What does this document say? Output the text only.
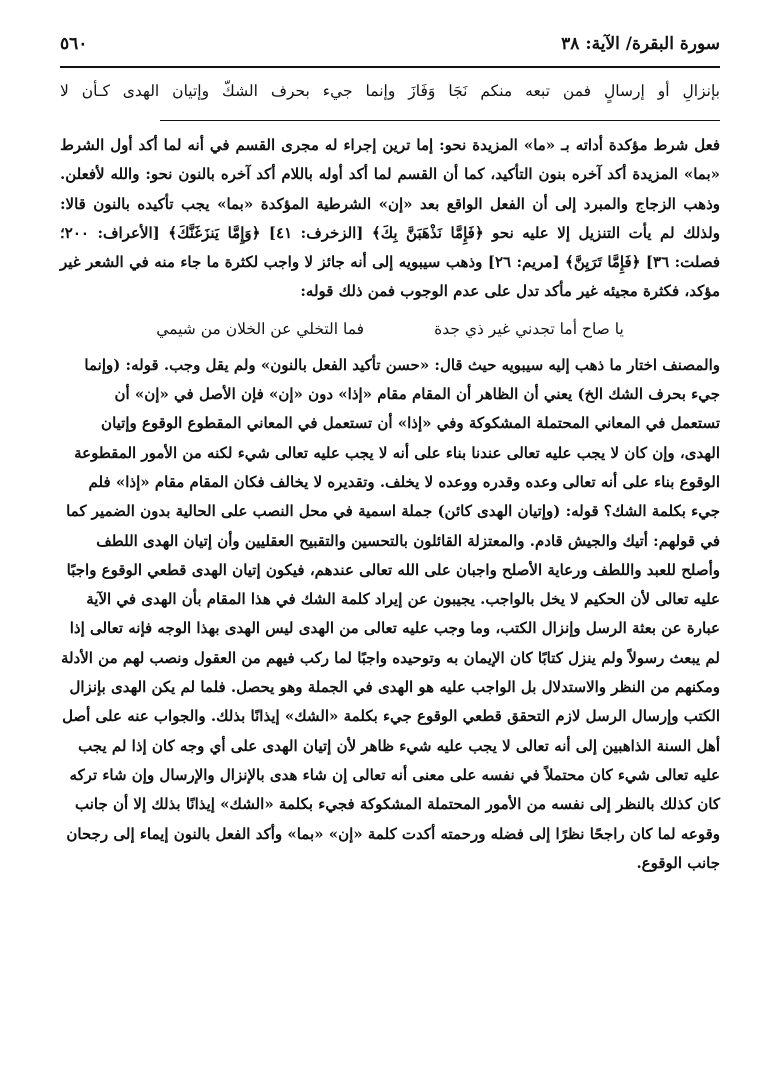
سورة البقرة/ الآية: ٣٨
٥٦٠
بإنزالِ أو إرسالٍ فمن تبعه منكم نَجَا وَفَازَ وإنما جيء بحرف الشكّ وإتيان الهدى كـأن لا

فعل شرط مؤكدة أداته بـ «ما» المزيدة نحو: إما ترين إجراء له مجرى القسم في أنه لما أكد أول الشرط «بما» المزيدة أكد آخره بنون التأكيد، كما أن القسم لما أكد أوله باللام أكد آخره بالنون نحو: والله لأفعلن. وذهب الزجاج والمبرد إلى أن الفعل الواقع بعد «إن» الشرطية المؤكدة «بما» يجب تأكيده بالنون قالا: ولذلك لم يأت التنزيل إلا عليه نحو ﴿فَإِمَّا نَذْهَبَنَّ بِكَ﴾ [الزخرف: ٤١] ﴿وَإِمَّا يَنزَغَنَّكَ﴾ [الأعراف: ٢٠٠؛ فصلت: ٣٦] ﴿فَإِمَّا تَرَيِنَّ﴾ [مريم: ٢٦] وذهب سيبويه إلى أنه جائز لا واجب لكثرة ما جاء منه في الشعر غير مؤكد، فكثرة مجيئه غير مأكد تدل على عدم الوجوب فمن ذلك قوله:

يا صاح أما تجدني غير ذي جدة
فما التخلي عن الخلان من شيمي

والمصنف اختار ما ذهب إليه سيبويه حيث قال: «حسن تأكيد الفعل بالنون» ولم يقل وجب. قوله: (وإنما جيء بحرف الشك الخ) يعني أن الظاهر أن المقام مقام «إذا» دون «إن» فإن الأصل في «إن» أن تستعمل في المعاني المحتملة المشكوكة وفي «إذا» أن تستعمل في المعاني المقطوع الوقوع وإتيان الهدى، وإن كان لا يجب عليه تعالى عندنا بناء على أنه لا يجب عليه تعالى شيء لكنه من الأمور المقطوعة الوقوع بناء على أنه تعالى وعده وقدره ووعده لا يخلف. وتقديره لا يخالف فكان المقام مقام «إذا» فلم جيء بكلمة الشك؟ قوله: (وإتيان الهدى كائن) جملة اسمية في محل النصب على الحالية بدون الضمير كما في قولهم: أتيك والجيش قادم. والمعتزلة القائلون بالتحسين والتقبيح العقليين وأن إتيان الهدى اللطف وأصلح للعبد واللطف ورعاية الأصلح واجبان على الله تعالى عندهم، فيكون إتيان الهدى قطعي الوقوع واجبًا عليه تعالى لأن الحكيم لا يخل بالواجب. يجيبون عن إيراد كلمة الشك في هذا المقام بأن الهدى في الآية عبارة عن بعثة الرسل وإنزال الكتب، وما وجب عليه تعالى من الهدى ليس الهدى بهذا الوجه فإنه تعالى إذا لم يبعث رسولاً ولم ينزل كتابًا كان الإيمان به وتوحيده واجبًا لما ركب فيهم من العقول ونصب لهم من الأدلة ومكنهم من النظر والاستدلال بل الواجب عليه هو الهدى في الجملة وهو يحصل. فلما لم يكن الهدى بإنزال الكتب وإرسال الرسل لازم التحقق قطعي الوقوع جيء بكلمة «الشك» إيذانًا بذلك. والجواب عنه على أصل أهل السنة الذاهبين إلى أنه تعالى لا يجب عليه شيء ظاهر لأن إتيان الهدى على أي وجه كان إذا لم يجب عليه تعالى شيء كان محتملاً في نفسه على معنى أنه تعالى إن شاء هدى بالإنزال والإرسال وإن شاء تركه كان كذلك بالنظر إلى نفسه من الأمور المحتملة المشكوكة فجيء بكلمة «الشك» إيذانًا بذلك إلا أن جانب وقوعه لما كان راجحًا نظرًا إلى فضله ورحمته أكدت كلمة «إن» «بما» وأكد الفعل بالنون إيماء إلى رجحان جانب الوقوع.
